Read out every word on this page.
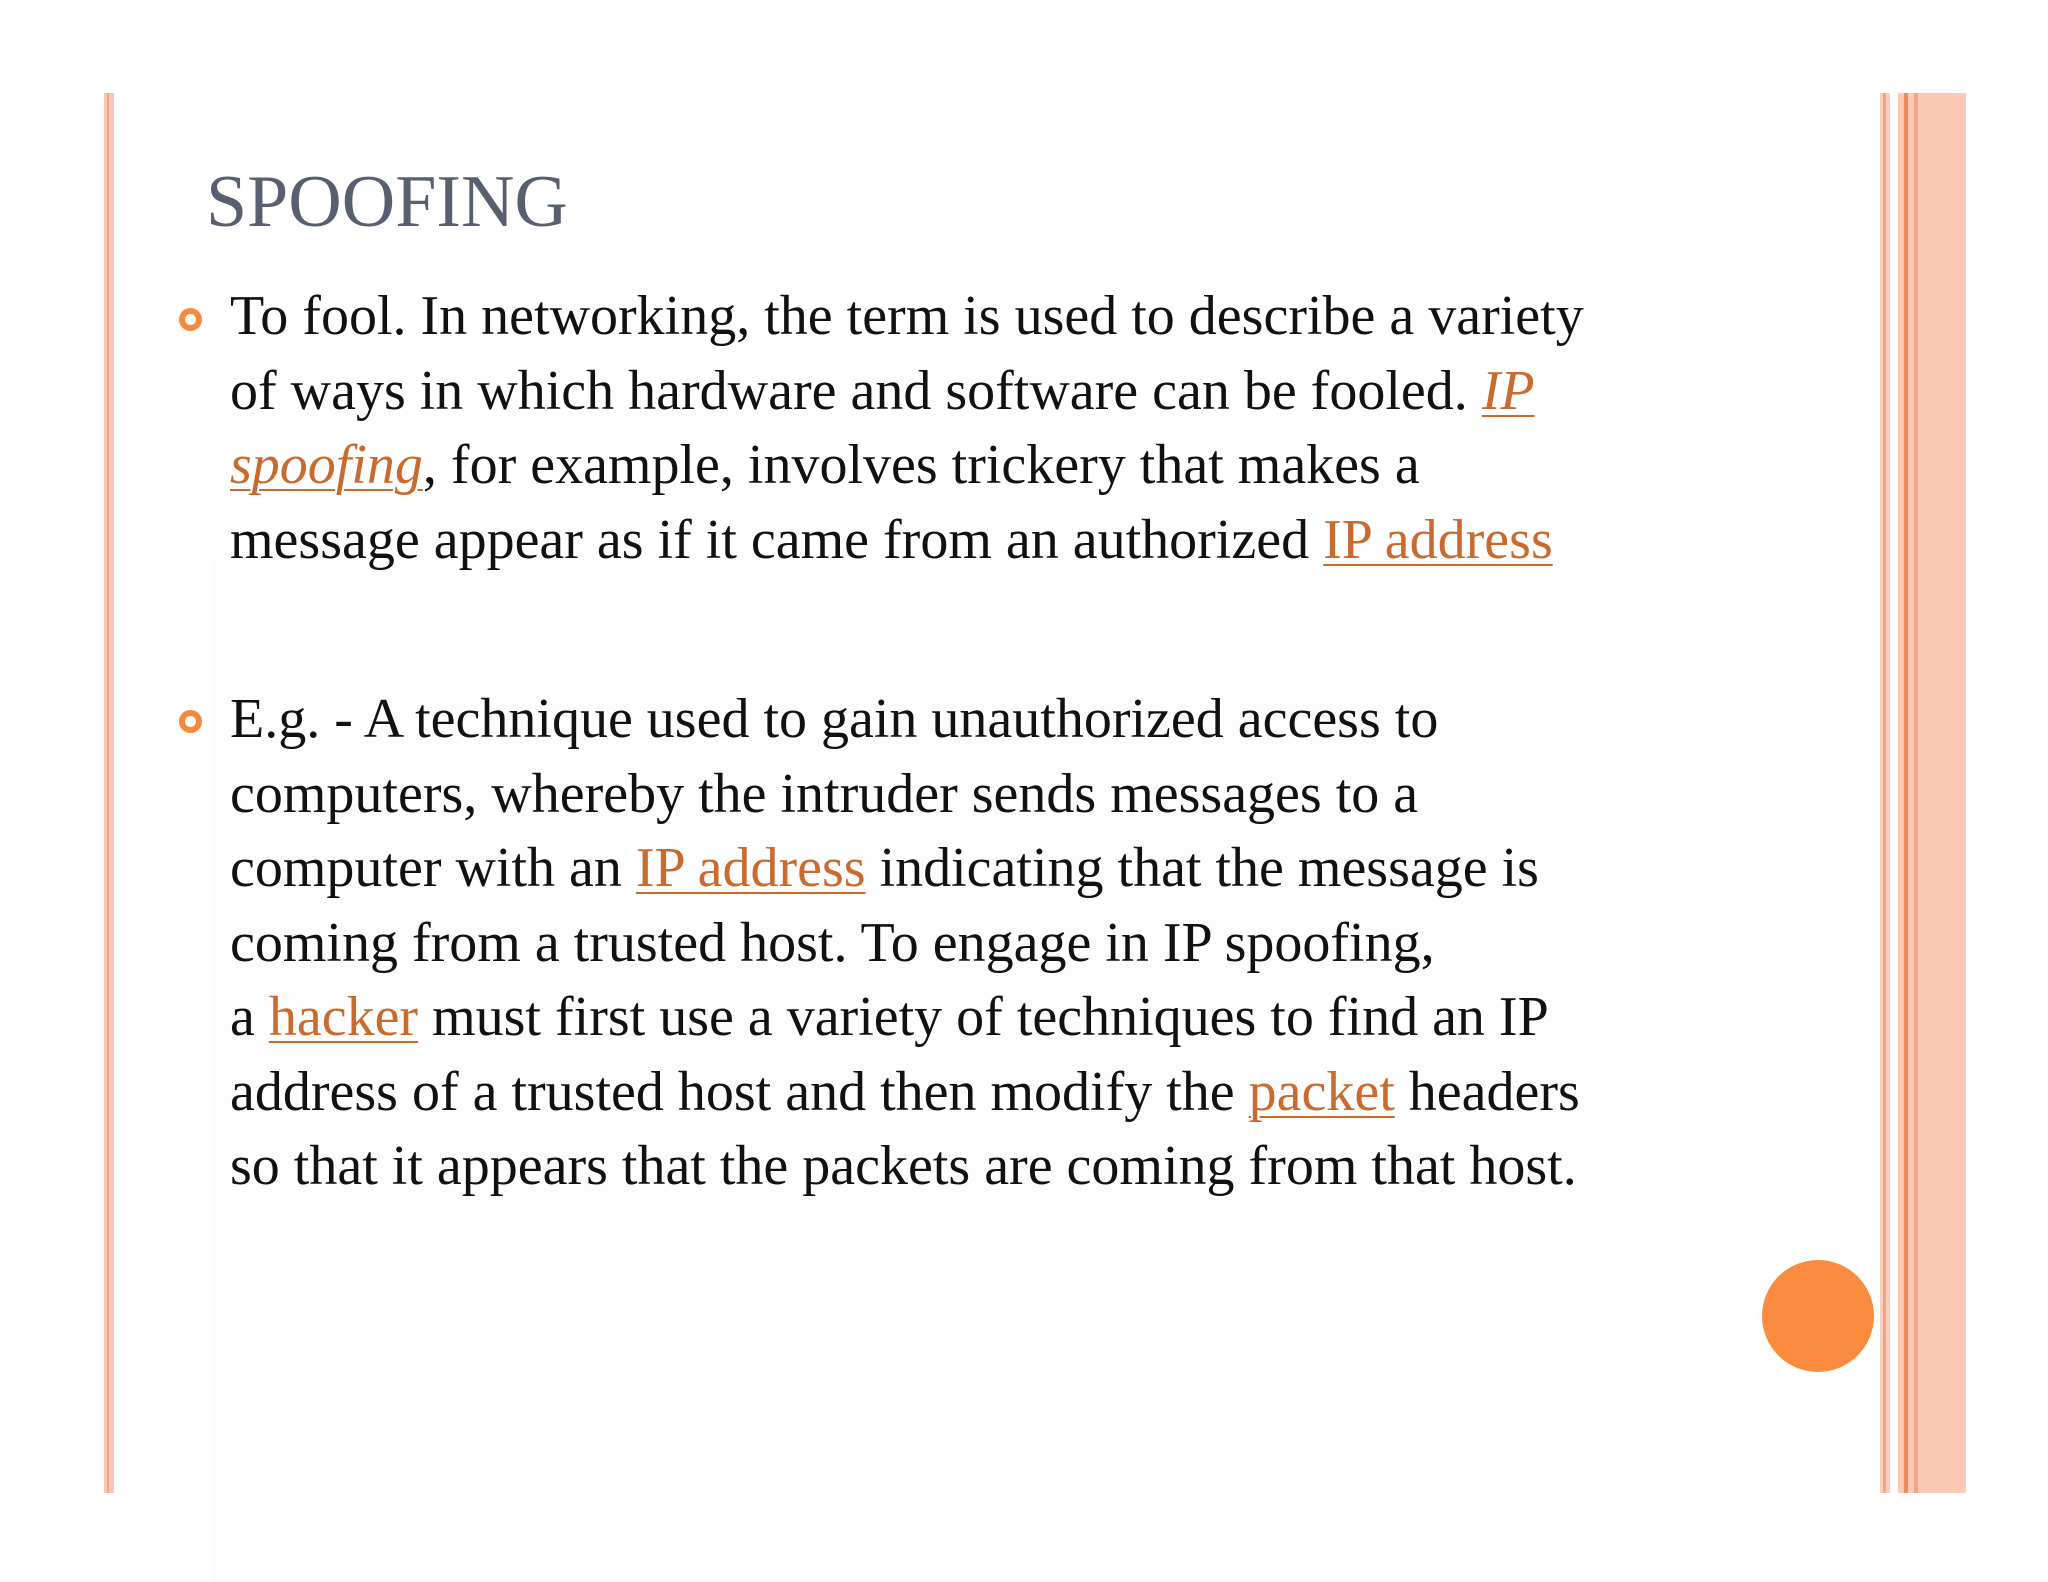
SPOOFING
To fool. In networking, the term is used to describe a variety
of ways in which hardware and software can be fooled. IP
spoofing, for example, involves trickery that makes a
message appear as if it came from an authorized IP address
E.g. - A technique used to gain unauthorized access to
computers, whereby the intruder sends messages to a
computer with an IP address indicating that the message is
coming from a trusted host. To engage in IP spoofing,
a hacker must first use a variety of techniques to find an IP
address of a trusted host and then modify the packet headers
so that it appears that the packets are coming from that host.
